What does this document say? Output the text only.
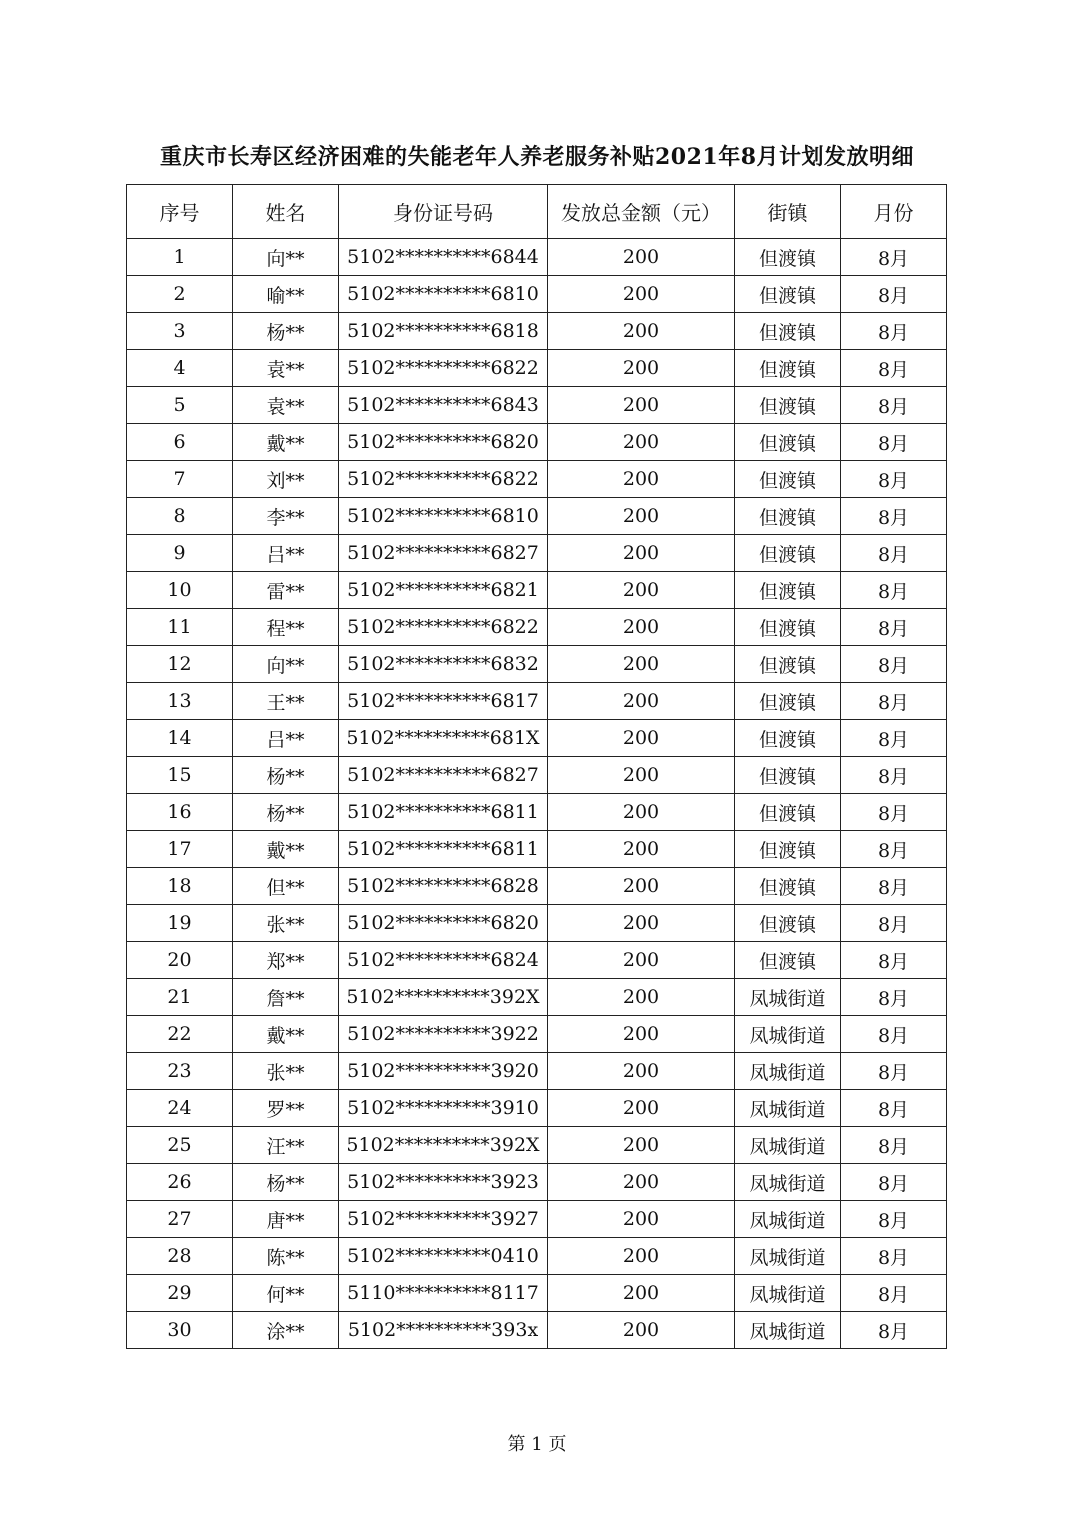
重庆市长寿区经济困难的失能老年人养老服务补贴2021年8月计划发放明细
序号	姓名	身份证号码	发放总金额（元）	街镇	月份
1	向**	5102**********6844	200	但渡镇	8月
2	喻**	5102**********6810	200	但渡镇	8月
3	杨**	5102**********6818	200	但渡镇	8月
4	袁**	5102**********6822	200	但渡镇	8月
5	袁**	5102**********6843	200	但渡镇	8月
6	戴**	5102**********6820	200	但渡镇	8月
7	刘**	5102**********6822	200	但渡镇	8月
8	李**	5102**********6810	200	但渡镇	8月
9	吕**	5102**********6827	200	但渡镇	8月
10	雷**	5102**********6821	200	但渡镇	8月
11	程**	5102**********6822	200	但渡镇	8月
12	向**	5102**********6832	200	但渡镇	8月
13	王**	5102**********6817	200	但渡镇	8月
14	吕**	5102**********681X	200	但渡镇	8月
15	杨**	5102**********6827	200	但渡镇	8月
16	杨**	5102**********6811	200	但渡镇	8月
17	戴**	5102**********6811	200	但渡镇	8月
18	但**	5102**********6828	200	但渡镇	8月
19	张**	5102**********6820	200	但渡镇	8月
20	郑**	5102**********6824	200	但渡镇	8月
21	詹**	5102**********392X	200	凤城街道	8月
22	戴**	5102**********3922	200	凤城街道	8月
23	张**	5102**********3920	200	凤城街道	8月
24	罗**	5102**********3910	200	凤城街道	8月
25	汪**	5102**********392X	200	凤城街道	8月
26	杨**	5102**********3923	200	凤城街道	8月
27	唐**	5102**********3927	200	凤城街道	8月
28	陈**	5102**********0410	200	凤城街道	8月
29	何**	5110**********8117	200	凤城街道	8月
30	涂**	5102**********393x	200	凤城街道	8月
第 1 页
